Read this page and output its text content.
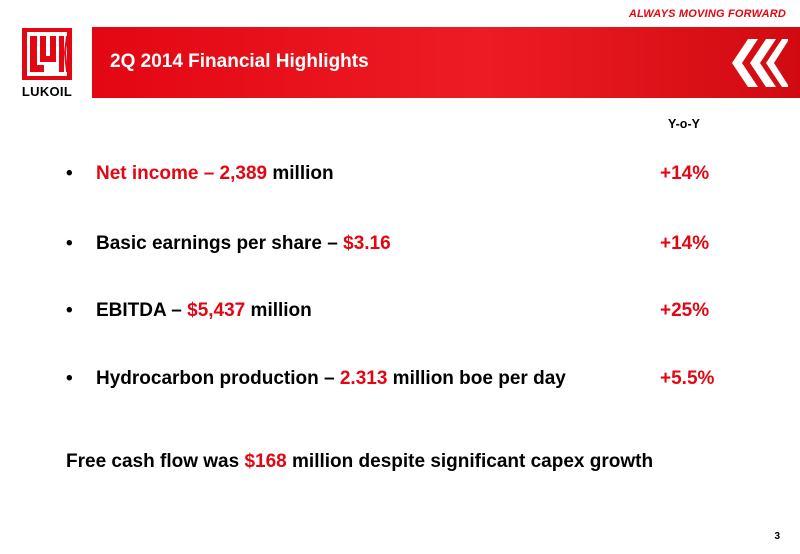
ALWAYS MOVING FORWARD
LUKOIL
2Q 2014 Financial Highlights
Y-o-Y
• Net income – 2,389 million	+14%
• Basic earnings per share – $3.16	+14%
• EBITDA – $5,437 million	+25%
• Hydrocarbon production – 2.313 million boe per day	+5.5%
Free cash flow was $168 million despite significant capex growth
3
